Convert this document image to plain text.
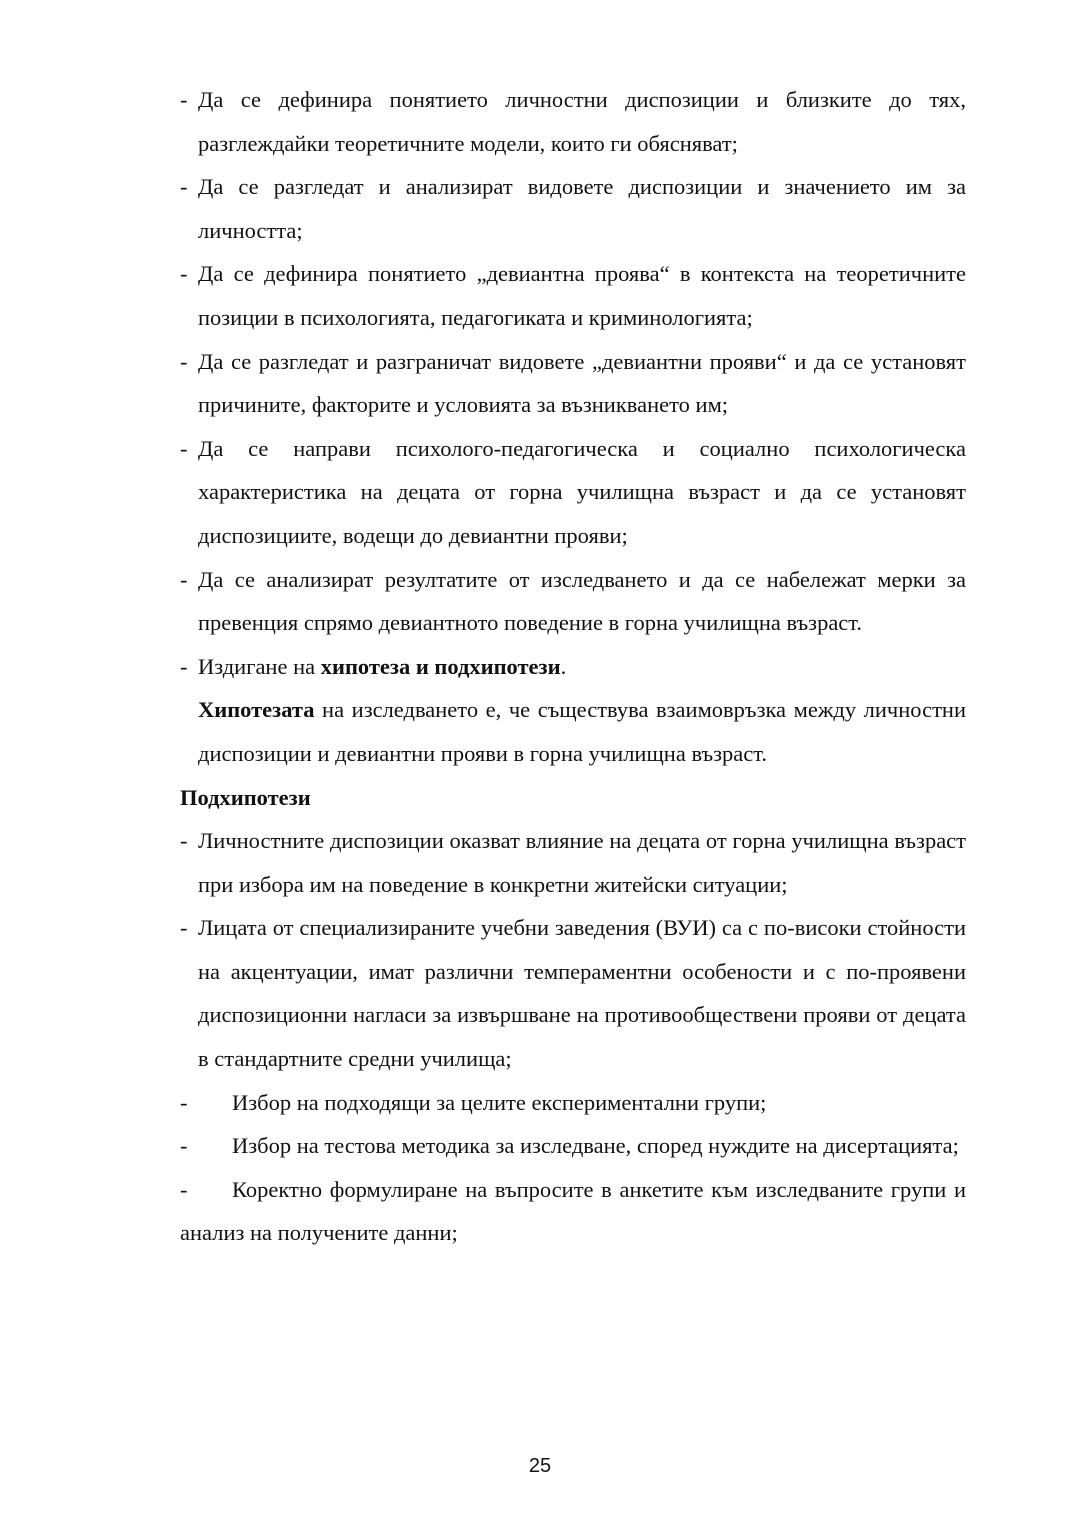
- Да се дефинира понятието личностни диспозиции и близките до тях, разглеждайки теоретичните модели, които ги обясняват;
- Да се разгледат и анализират видовете диспозиции и значението им за личността;
- Да се дефинира понятието „девиантна проява“ в контекста на теоретичните позиции в психологията, педагогиката и криминологията;
- Да се разгледат и разграничат видовете „девиантни прояви“ и да се установят причините, факторите и условията за възникването им;
- Да се направи психолого-педагогическа и социално психологическа характеристика на децата от горна училищна възраст и да се установят диспозициите, водещи до девиантни прояви;
- Да се анализират резултатите от изследването и да се набележат мерки за превенция спрямо девиантното поведение в горна училищна възраст.
- Издигане на хипотеза и подхипотези.
Хипотезата на изследването е, че съществува взаимовръзка между личностни диспозиции и девиантни прояви в горна училищна възраст.
Подхипотези
- Личностните диспозиции оказват влияние на децата от горна училищна възраст при избора им на поведение в конкретни житейски ситуации;
- Лицата от специализираните учебни заведения (ВУИ) са с по-високи стойности на акцентуации, имат различни темпераментни особености и с по-проявени диспозиционни нагласи за извършване на противообществени прояви от децата в стандартните средни училища;
- Избор на подходящи за целите експериментални групи;
- Избор на тестова методика за изследване, според нуждите на дисертацията;
- Коректно формулиране на въпросите в анкетите към изследваните групи и анализ на получените данни;
25
